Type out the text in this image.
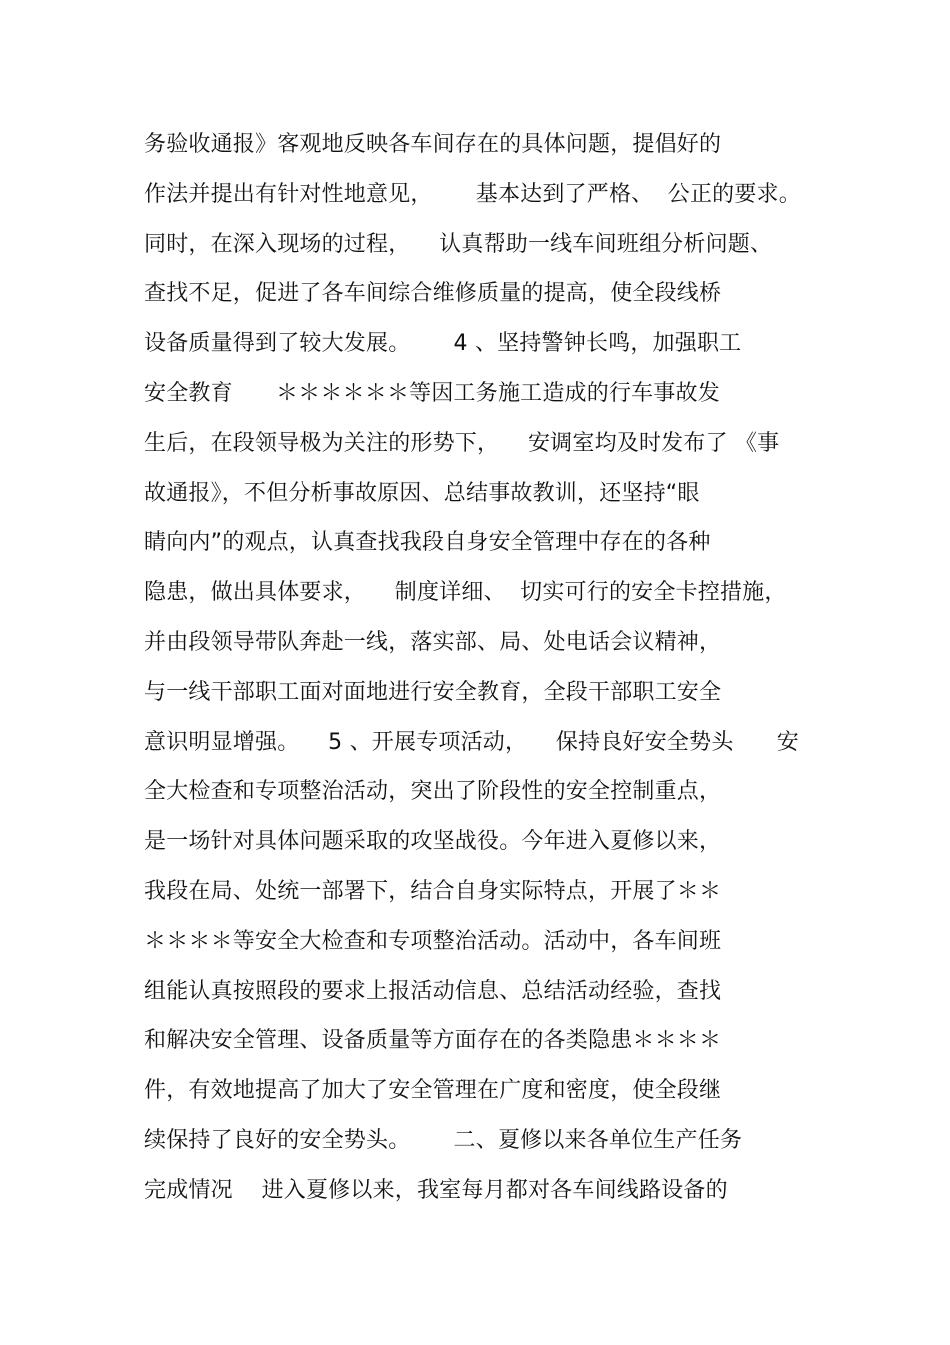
务验收通报》客观地反映各车间存在的具体问题，提倡好的
作法并提出有针对性地意见，      基本达到了严格、  公正的要求。
同时，在深入现场的过程，    认真帮助一线车间班组分析问题、
查找不足，促进了各车间综合维修质量的提高，使全段线桥
设备质量得到了较大发展。      4 、坚持警钟长鸣，加强职工
安全教育      ＊＊＊＊＊＊等因工务施工造成的行车事故发
生后，在段领导极为关注的形势下，    安调室均及时发布了 《事
故通报》，不但分析事故原因、总结事故教训，还坚持“眼
睛向内”的观点，认真查找我段自身安全管理中存在的各种
隐患，做出具体要求，    制度详细、  切实可行的安全卡控措施，
并由段领导带队奔赴一线，落实部、局、处电话会议精神，
与一线干部职工面对面地进行安全教育，全段干部职工安全
意识明显增强。    5 、开展专项活动，    保持良好安全势头      安
全大检查和专项整治活动，突出了阶段性的安全控制重点，
是一场针对具体问题采取的攻坚战役。今年进入夏修以来，
我段在局、处统一部署下，结合自身实际特点，开展了＊＊
＊＊＊＊等安全大检查和专项整治活动。活动中，各车间班
组能认真按照段的要求上报活动信息、总结活动经验，查找
和解决安全管理、设备质量等方面存在的各类隐患＊＊＊＊
件，有效地提高了加大了安全管理在广度和密度，使全段继
续保持了良好的安全势头。      二、夏修以来各单位生产任务
完成情况    进入夏修以来，我室每月都对各车间线路设备的
